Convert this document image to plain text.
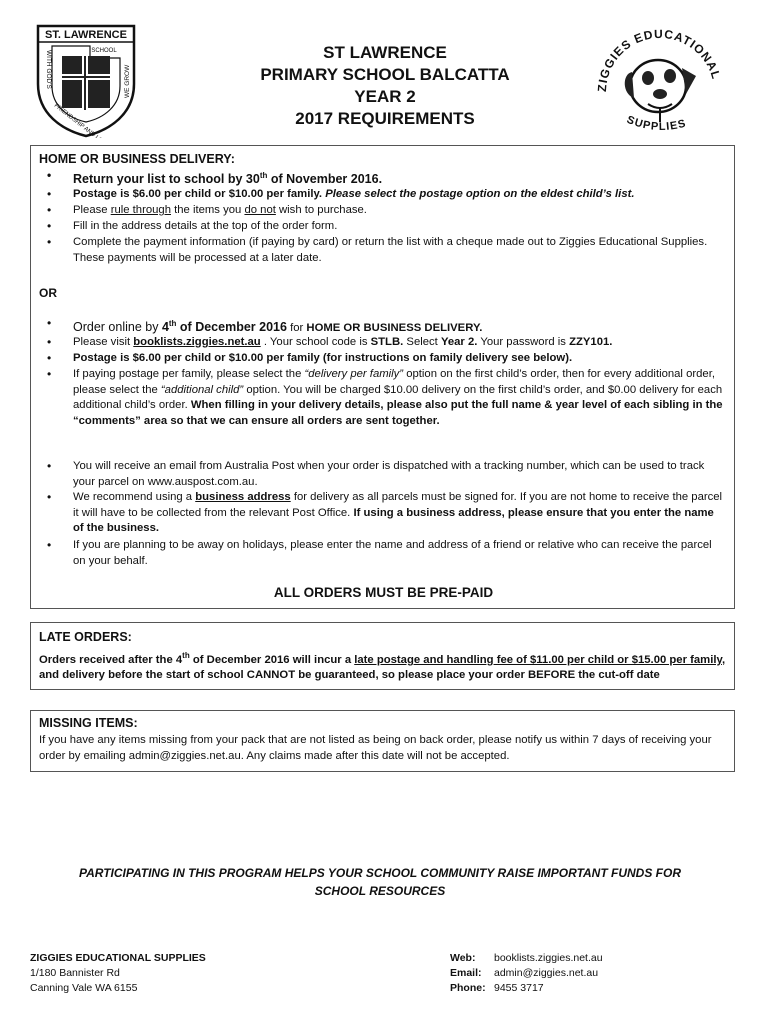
ST. LAWRENCE
SCHOOL
WITH GOD'S	WE GROW
ST LAWRENCE
PRIMARY SCHOOL BALCATTA
YEAR 2
2017 REQUIREMENTS
ZIGGIES EDUCATIONAL
SUPPLIES
HOME OR BUSINESS DELIVERY:
• Return your list to school by 30th of November 2016.
• Postage is $6.00 per child or $10.00 per family. Please select the postage option on the eldest child’s list.
• Please rule through the items you do not wish to purchase.
• Fill in the address details at the top of the order form.
• Complete the payment information (if paying by card) or return the list with a cheque made out to Ziggies Educational Supplies. These payments will be processed at a later date.
OR
• Order online by 4th of December 2016 for HOME OR BUSINESS DELIVERY.
• Please visit booklists.ziggies.net.au . Your school code is STLB. Select Year 2. Your password is ZZY101.
• Postage is $6.00 per child or $10.00 per family (for instructions on family delivery see below).
• If paying postage per family, please select the “delivery per family” option on the first child’s order, then for every additional order, please select the “additional child” option. You will be charged $10.00 delivery on the first child’s order, and $0.00 delivery for each additional child’s order. When filling in your delivery details, please also put the full name & year level of each sibling in the “comments” area so that we can ensure all orders are sent together.
• You will receive an email from Australia Post when your order is dispatched with a tracking number, which can be used to track your parcel on www.auspost.com.au.
• We recommend using a business address for delivery as all parcels must be signed for. If you are not home to receive the parcel it will have to be collected from the relevant Post Office. If using a business address, please ensure that you enter the name of the business.
• If you are planning to be away on holidays, please enter the name and address of a friend or relative who can receive the parcel on your behalf.
ALL ORDERS MUST BE PRE-PAID
LATE ORDERS:
Orders received after the 4th of December 2016 will incur a late postage and handling fee of $11.00 per child or $15.00 per family, and delivery before the start of school CANNOT be guaranteed, so please place your order BEFORE the cut-off date
MISSING ITEMS:
If you have any items missing from your pack that are not listed as being on back order, please notify us within 7 days of receiving your order by emailing admin@ziggies.net.au. Any claims made after this date will not be accepted.
PARTICIPATING IN THIS PROGRAM HELPS YOUR SCHOOL COMMUNITY RAISE IMPORTANT FUNDS FOR
SCHOOL RESOURCES
ZIGGIES EDUCATIONAL SUPPLIES
1/180 Bannister Rd
Canning Vale WA 6155
Web:	booklists.ziggies.net.au
Email:	admin@ziggies.net.au
Phone: 9455 3717
